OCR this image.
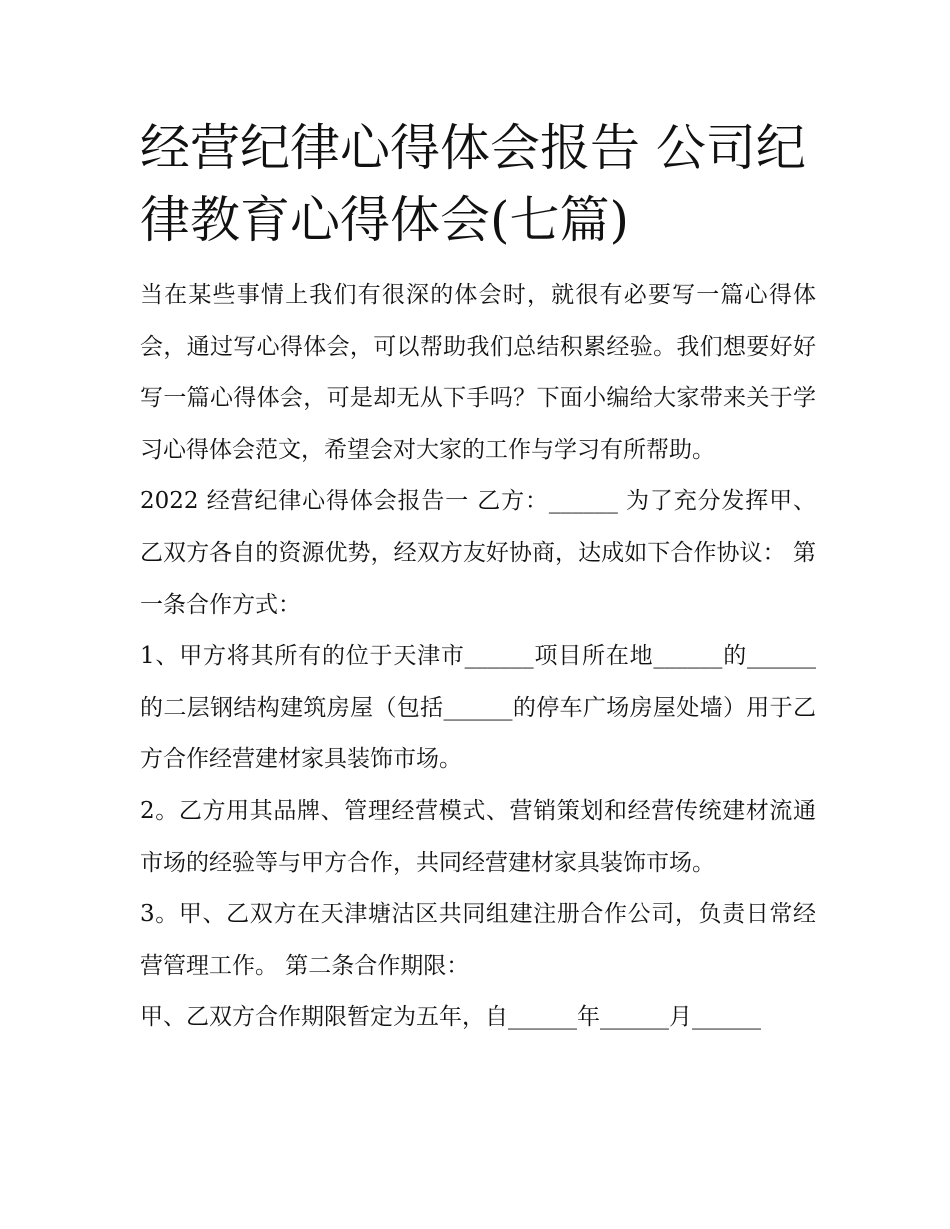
经营纪律心得体会报告 公司纪律教育心得体会(七篇)

当在某些事情上我们有很深的体会时，就很有必要写一篇心得体会，通过写心得体会，可以帮助我们总结积累经验。我们想要好好写一篇心得体会，可是却无从下手吗？下面小编给大家带来关于学习心得体会范文，希望会对大家的工作与学习有所帮助。

2022 经营纪律心得体会报告一 乙方：______ 为了充分发挥甲、乙双方各自的资源优势，经双方友好协商，达成如下合作协议： 第一条合作方式：

1、甲方将其所有的位于天津市______项目所在地______的______的二层钢结构建筑房屋（包括______的停车广场房屋处墙）用于乙方合作经营建材家具装饰市场。

2。乙方用其品牌、管理经营模式、营销策划和经营传统建材流通市场的经验等与甲方合作，共同经营建材家具装饰市场。

3。甲、乙双方在天津塘沽区共同组建注册合作公司，负责日常经营管理工作。 第二条合作期限：

甲、乙双方合作期限暂定为五年，自______年______月______
